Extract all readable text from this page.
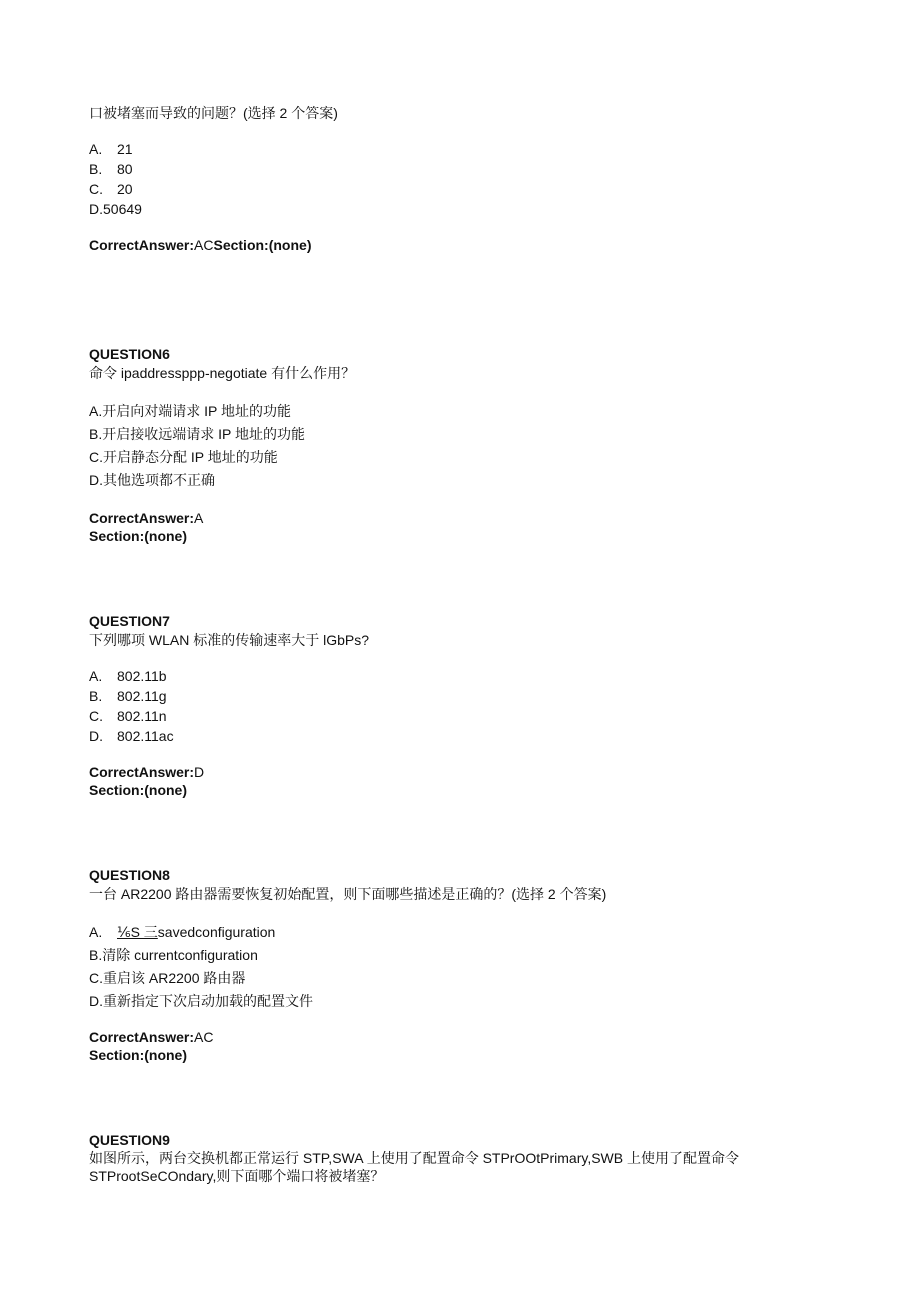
口被堵塞而导致的问题？(选择 2 个答案)
A.	21
B.	80
C.	20
D. 50649
CorrectAnswer:ACSection:(none)
QUESTION6
命令 ipaddressppp-negotiate 有什么作用？
A. 开启向对端请求 IP 地址的功能
B. 开启接收远端请求 IP 地址的功能
C. 开启静态分配 IP 地址的功能
D. 其他选项都不正确
CorrectAnswer:A
Section:(none)
QUESTION7
下列哪项 WLAN 标准的传输速率大于 lGbPs?
A.	802.11b
B.	802.11g
C.	802.11n
D.	802.11ac
CorrectAnswer:D
Section:(none)
QUESTION8
一台 AR2200 路由器需要恢复初始配置，则下面哪些描述是正确的？(选择 2 个答案)
A.	⅙S 三 savedconfiguration
B. 清除 currentconfiguration
C. 重启该 AR2200 路由器
D. 重新指定下次启动加载的配置文件
CorrectAnswer:AC
Section:(none)
QUESTION9
如图所示，两台交换机都正常运行 STP,SWA 上使用了配置命令 STPrOOtPrimary,SWB 上使用了配置命令
STProotSeCOndary,则下面哪个端口将被堵塞？
